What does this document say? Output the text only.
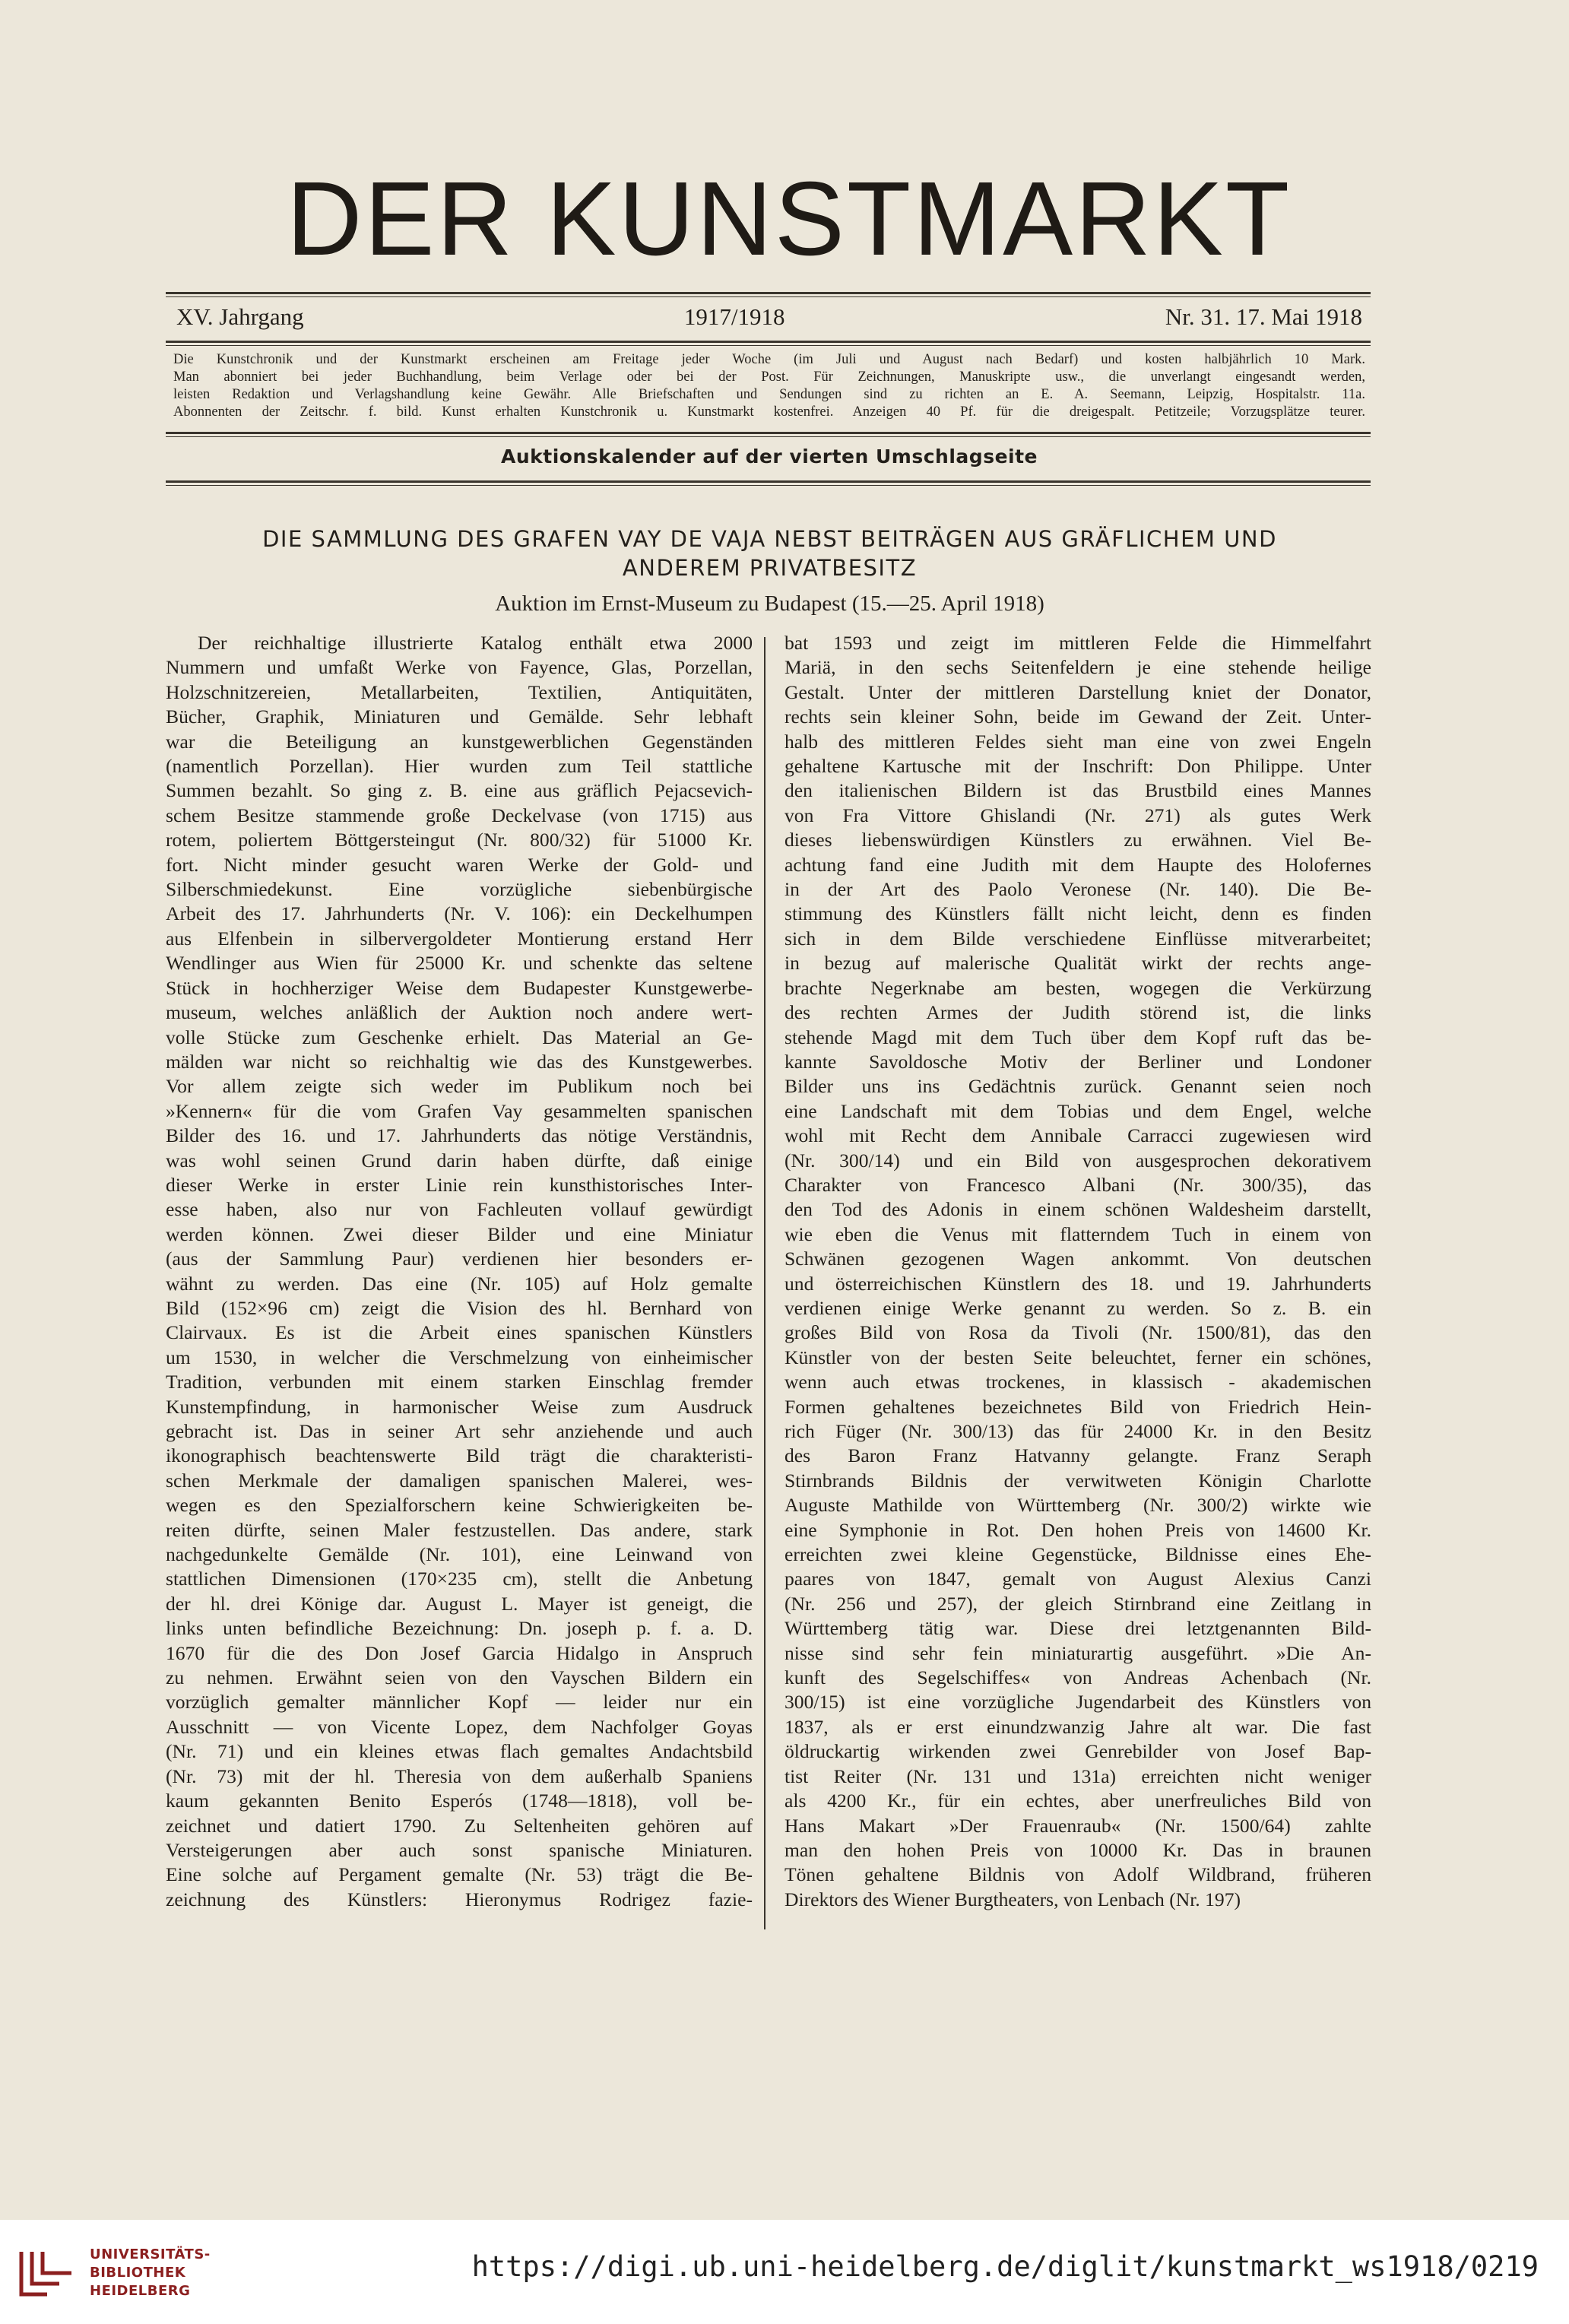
DER KUNSTMARKT
XV. Jahrgang	1917/1918	Nr. 31. 17. Mai 1918
Die Kunstchronik und der Kunstmarkt erscheinen am Freitage jeder Woche (im Juli und August nach Bedarf) und kosten halbjährlich 10 Mark.
Man abonniert bei jeder Buchhandlung, beim Verlage oder bei der Post. Für Zeichnungen, Manuskripte usw., die unverlangt eingesandt werden,
leisten Redaktion und Verlagshandlung keine Gewähr. Alle Briefschaften und Sendungen sind zu richten an E. A. Seemann, Leipzig, Hospitalstr. 11a.
Abonnenten der Zeitschr. f. bild. Kunst erhalten Kunstchronik u. Kunstmarkt kostenfrei. Anzeigen 40 Pf. für die dreigespalt. Petitzeile; Vorzugsplätze teurer.
Auktionskalender auf der vierten Umschlagseite
DIE SAMMLUNG DES GRAFEN VAY DE VAJA NEBST BEITRÄGEN AUS GRÄFLICHEM UND
ANDEREM PRIVATBESITZ
Auktion im Ernst-Museum zu Budapest (15.—25. April 1918)
Der reichhaltige illustrierte Katalog enthält etwa 2000
Nummern und umfaßt Werke von Fayence, Glas, Porzellan,
Holzschnitzereien, Metallarbeiten, Textilien, Antiquitäten,
Bücher, Graphik, Miniaturen und Gemälde. Sehr lebhaft
war die Beteiligung an kunstgewerblichen Gegenständen
(namentlich Porzellan). Hier wurden zum Teil stattliche
Summen bezahlt. So ging z. B. eine aus gräflich Pejacsevich-
schem Besitze stammende große Deckelvase (von 1715) aus
rotem, poliertem Böttgersteingut (Nr. 800/32) für 51000 Kr.
fort. Nicht minder gesucht waren Werke der Gold- und
Silberschmiedekunst. Eine vorzügliche siebenbürgische
Arbeit des 17. Jahrhunderts (Nr. V. 106): ein Deckelhumpen
aus Elfenbein in silbervergoldeter Montierung erstand Herr
Wendlinger aus Wien für 25000 Kr. und schenkte das seltene
Stück in hochherziger Weise dem Budapester Kunstgewerbe-
museum, welches anläßlich der Auktion noch andere wert-
volle Stücke zum Geschenke erhielt. Das Material an Ge-
mälden war nicht so reichhaltig wie das des Kunstgewerbes.
Vor allem zeigte sich weder im Publikum noch bei
»Kennern« für die vom Grafen Vay gesammelten spanischen
Bilder des 16. und 17. Jahrhunderts das nötige Verständnis,
was wohl seinen Grund darin haben dürfte, daß einige
dieser Werke in erster Linie rein kunsthistorisches Inter-
esse haben, also nur von Fachleuten vollauf gewürdigt
werden können. Zwei dieser Bilder und eine Miniatur
(aus der Sammlung Paur) verdienen hier besonders er-
wähnt zu werden. Das eine (Nr. 105) auf Holz gemalte
Bild (152×96 cm) zeigt die Vision des hl. Bernhard von
Clairvaux. Es ist die Arbeit eines spanischen Künstlers
um 1530, in welcher die Verschmelzung von einheimischer
Tradition, verbunden mit einem starken Einschlag fremder
Kunstempfindung, in harmonischer Weise zum Ausdruck
gebracht ist. Das in seiner Art sehr anziehende und auch
ikonographisch beachtenswerte Bild trägt die charakteristi-
schen Merkmale der damaligen spanischen Malerei, wes-
wegen es den Spezialforschern keine Schwierigkeiten be-
reiten dürfte, seinen Maler festzustellen. Das andere, stark
nachgedunkelte Gemälde (Nr. 101), eine Leinwand von
stattlichen Dimensionen (170×235 cm), stellt die Anbetung
der hl. drei Könige dar. August L. Mayer ist geneigt, die
links unten befindliche Bezeichnung: Dn. joseph p. f. a. D.
1670 für die des Don Josef Garcia Hidalgo in Anspruch
zu nehmen. Erwähnt seien von den Vayschen Bildern ein
vorzüglich gemalter männlicher Kopf — leider nur ein
Ausschnitt — von Vicente Lopez, dem Nachfolger Goyas
(Nr. 71) und ein kleines etwas flach gemaltes Andachtsbild
(Nr. 73) mit der hl. Theresia von dem außerhalb Spaniens
kaum gekannten Benito Esperós (1748—1818), voll be-
zeichnet und datiert 1790. Zu Seltenheiten gehören auf
Versteigerungen aber auch sonst spanische Miniaturen.
Eine solche auf Pergament gemalte (Nr. 53) trägt die Be-
zeichnung des Künstlers: Hieronymus Rodrigez fazie-
bat 1593 und zeigt im mittleren Felde die Himmelfahrt
Mariä, in den sechs Seitenfeldern je eine stehende heilige
Gestalt. Unter der mittleren Darstellung kniet der Donator,
rechts sein kleiner Sohn, beide im Gewand der Zeit. Unter-
halb des mittleren Feldes sieht man eine von zwei Engeln
gehaltene Kartusche mit der Inschrift: Don Philippe. Unter
den italienischen Bildern ist das Brustbild eines Mannes
von Fra Vittore Ghislandi (Nr. 271) als gutes Werk
dieses liebenswürdigen Künstlers zu erwähnen. Viel Be-
achtung fand eine Judith mit dem Haupte des Holofernes
in der Art des Paolo Veronese (Nr. 140). Die Be-
stimmung des Künstlers fällt nicht leicht, denn es finden
sich in dem Bilde verschiedene Einflüsse mitverarbeitet;
in bezug auf malerische Qualität wirkt der rechts ange-
brachte Negerknabe am besten, wogegen die Verkürzung
des rechten Armes der Judith störend ist, die links
stehende Magd mit dem Tuch über dem Kopf ruft das be-
kannte Savoldosche Motiv der Berliner und Londoner
Bilder uns ins Gedächtnis zurück. Genannt seien noch
eine Landschaft mit dem Tobias und dem Engel, welche
wohl mit Recht dem Annibale Carracci zugewiesen wird
(Nr. 300/14) und ein Bild von ausgesprochen dekorativem
Charakter von Francesco Albani (Nr. 300/35), das
den Tod des Adonis in einem schönen Waldesheim darstellt,
wie eben die Venus mit flatterndem Tuch in einem von
Schwänen gezogenen Wagen ankommt. Von deutschen
und österreichischen Künstlern des 18. und 19. Jahrhunderts
verdienen einige Werke genannt zu werden. So z. B. ein
großes Bild von Rosa da Tivoli (Nr. 1500/81), das den
Künstler von der besten Seite beleuchtet, ferner ein schönes,
wenn auch etwas trockenes, in klassisch - akademischen
Formen gehaltenes bezeichnetes Bild von Friedrich Hein-
rich Füger (Nr. 300/13) das für 24000 Kr. in den Besitz
des Baron Franz Hatvanny gelangte. Franz Seraph
Stirnbrands Bildnis der verwitweten Königin Charlotte
Auguste Mathilde von Württemberg (Nr. 300/2) wirkte wie
eine Symphonie in Rot. Den hohen Preis von 14600 Kr.
erreichten zwei kleine Gegenstücke, Bildnisse eines Ehe-
paares von 1847, gemalt von August Alexius Canzi
(Nr. 256 und 257), der gleich Stirnbrand eine Zeitlang in
Württemberg tätig war. Diese drei letztgenannten Bild-
nisse sind sehr fein miniaturartig ausgeführt. »Die An-
kunft des Segelschiffes« von Andreas Achenbach (Nr.
300/15) ist eine vorzügliche Jugendarbeit des Künstlers von
1837, als er erst einundzwanzig Jahre alt war. Die fast
öldruckartig wirkenden zwei Genrebilder von Josef Bap-
tist Reiter (Nr. 131 und 131a) erreichten nicht weniger
als 4200 Kr., für ein echtes, aber unerfreuliches Bild von
Hans Makart »Der Frauenraub« (Nr. 1500/64) zahlte
man den hohen Preis von 10000 Kr. Das in braunen
Tönen gehaltene Bildnis von Adolf Wildbrand, früheren
Direktors des Wiener Burgtheaters, von Lenbach (Nr. 197)
UNIVERSITÄTS-
BIBLIOTHEK
HEIDELBERG
https://digi.ub.uni-heidelberg.de/diglit/kunstmarkt_ws1918/0219
